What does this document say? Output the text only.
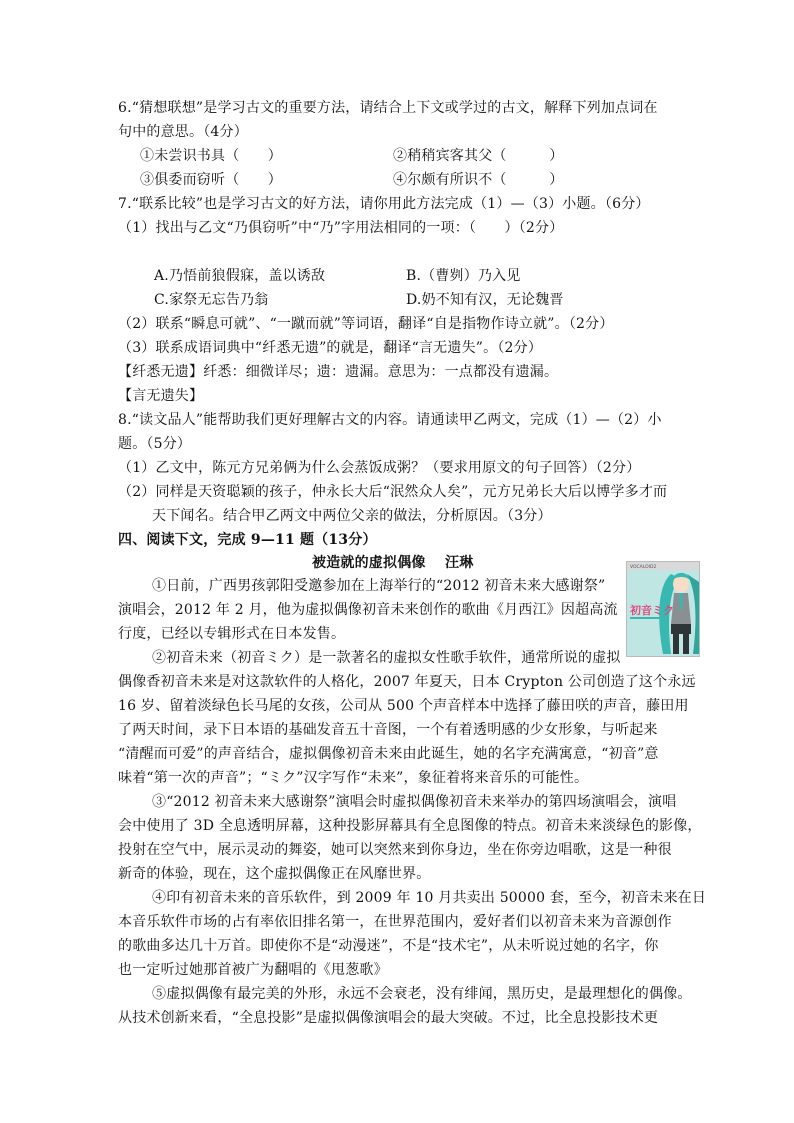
6.“猜想联想”是学习古文的重要方法，请结合上下文或学过的古文，解释下列加点词在
句中的意思。（4分）
①未尝识书具（　　）	②稍稍宾客其父（　　　）
③俱委而窃听（　　）	④尔颇有所识不（　　　）
7.“联系比较”也是学习古文的好方法，请你用此方法完成（1）—（3）小题。（6分）
（1）找出与乙文“乃俱窃听”中“乃”字用法相同的一项：（　　）（2分）
A.乃悟前狼假寐，盖以诱敌	B.（曹刿）乃入见
C.家祭无忘告乃翁	D.奶不知有汉，无论魏晋
（2）联系“瞬息可就”、“一蹴而就”等词语，翻译“自是指物作诗立就”。（2分）
（3）联系成语词典中“纤悉无遗”的就是，翻译“言无遗失”。（2分）
【纤悉无遗】纤悉：细微详尽；遗：遗漏。意思为：一点都没有遗漏。
【言无遗失】
8.“读文品人”能帮助我们更好理解古文的内容。请通读甲乙两文，完成（1）—（2）小
题。（5分）
（1）乙文中，陈元方兄弟俩为什么会蒸饭成粥？（要求用原文的句子回答）（2分）
（2）同样是天资聪颖的孩子，仲永长大后“泯然众人矣”，元方兄弟长大后以博学多才而
天下闻名。结合甲乙两文中两位父亲的做法，分析原因。（3分）
四、阅读下文，完成 9—11 题（13分）
被造就的虚拟偶像 汪琳
①日前，广西男孩郭阳受邀参加在上海举行的“2012 初音未来大感谢祭”
演唱会，2012 年 2 月，他为虚拟偶像初音未来创作的歌曲《月西江》因超高流
行度，已经以专辑形式在日本发售。
②初音未来（初音ミク）是一款著名的虚拟女性歌手软件，通常所说的虚拟
偶像香初音未来是对这款软件的人格化，2007 年夏天，日本 Crypton 公司创造了这个永远
16 岁、留着淡绿色长马尾的女孩，公司从 500 个声音样本中选择了藤田咲的声音，藤田用
了两天时间，录下日本语的基础发音五十音图，一个有着透明感的少女形象，与听起来
“清醒而可爱”的声音结合，虚拟偶像初音未来由此诞生，她的名字充满寓意，“初音”意
味着“第一次的声音”；“ミク”汉字写作“未来”，象征着将来音乐的可能性。
③“2012 初音未来大感谢祭”演唱会时虚拟偶像初音未来举办的第四场演唱会，演唱
会中使用了 3D 全息透明屏幕，这种投影屏幕具有全息图像的特点。初音未来淡绿色的影像，
投射在空气中，展示灵动的舞姿，她可以突然来到你身边，坐在你旁边唱歌，这是一种很
新奇的体验，现在，这个虚拟偶像正在风靡世界。
④印有初音未来的音乐软件，到 2009 年 10 月共卖出 50000 套，至今，初音未来在日
本音乐软件市场的占有率依旧排名第一，在世界范围内，爱好者们以初音未来为音源创作
的歌曲多达几十万首。即使你不是“动漫迷”，不是“技术宅”，从未听说过她的名字，你
也一定听过她那首被广为翻唱的《甩葱歌》
⑤虚拟偶像有最完美的外形，永远不会衰老，没有绯闻，黑历史，是最理想化的偶像。
从技术创新来看，“全息投影”是虚拟偶像演唱会的最大突破。不过，比全息投影技术更
VOCALOID2
初音ミク
